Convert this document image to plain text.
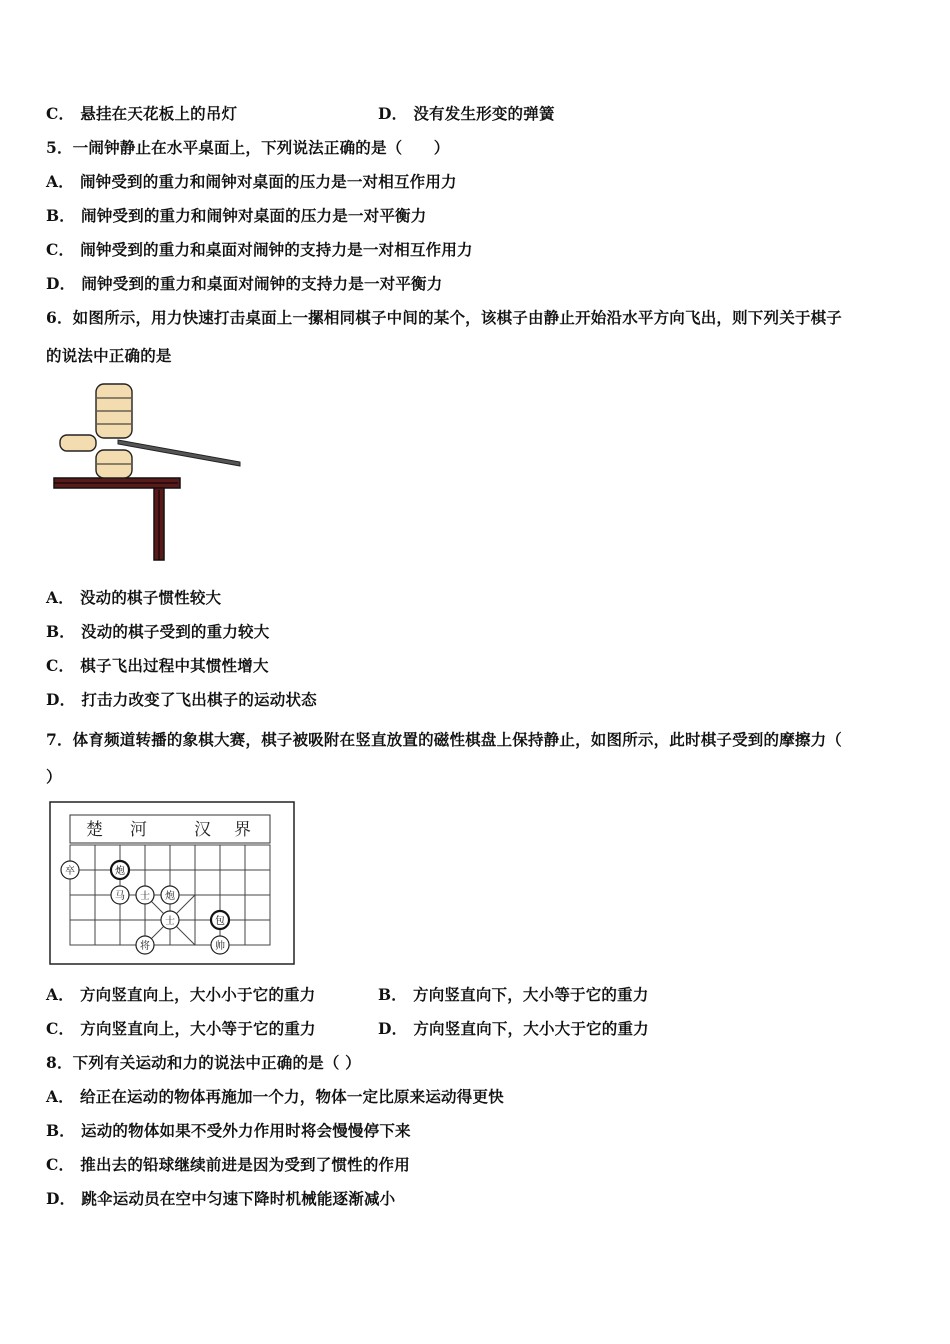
C． 悬挂在天花板上的吊灯	D． 没有发生形变的弹簧
5．一闹钟静止在水平桌面上，下列说法正确的是（　　）
A． 闹钟受到的重力和闹钟对桌面的压力是一对相互作用力
B． 闹钟受到的重力和闹钟对桌面的压力是一对平衡力
C． 闹钟受到的重力和桌面对闹钟的支持力是一对相互作用力
D． 闹钟受到的重力和桌面对闹钟的支持力是一对平衡力
6．如图所示，用力快速打击桌面上一摞相同棋子中间的某个，该棋子由静止开始沿水平方向飞出，则下列关于棋子
的说法中正确的是
A． 没动的棋子惯性较大
B． 没动的棋子受到的重力较大
C． 棋子飞出过程中其惯性增大
D． 打击力改变了飞出棋子的运动状态
7．体育频道转播的象棋大赛，棋子被吸附在竖直放置的磁性棋盘上保持静止，如图所示，此时棋子受到的摩擦力（
）
楚 河	汉 界
卒	炮
马 士 炮
士	包
将	帅
A． 方向竖直向上，大小小于它的重力	B． 方向竖直向下，大小等于它的重力
C． 方向竖直向上，大小等于它的重力	D． 方向竖直向下，大小大于它的重力
8．下列有关运动和力的说法中正确的是（ ）
A． 给正在运动的物体再施加一个力，物体一定比原来运动得更快
B． 运动的物体如果不受外力作用时将会慢慢停下来
C． 推出去的铅球继续前进是因为受到了惯性的作用
D． 跳伞运动员在空中匀速下降时机械能逐渐减小
